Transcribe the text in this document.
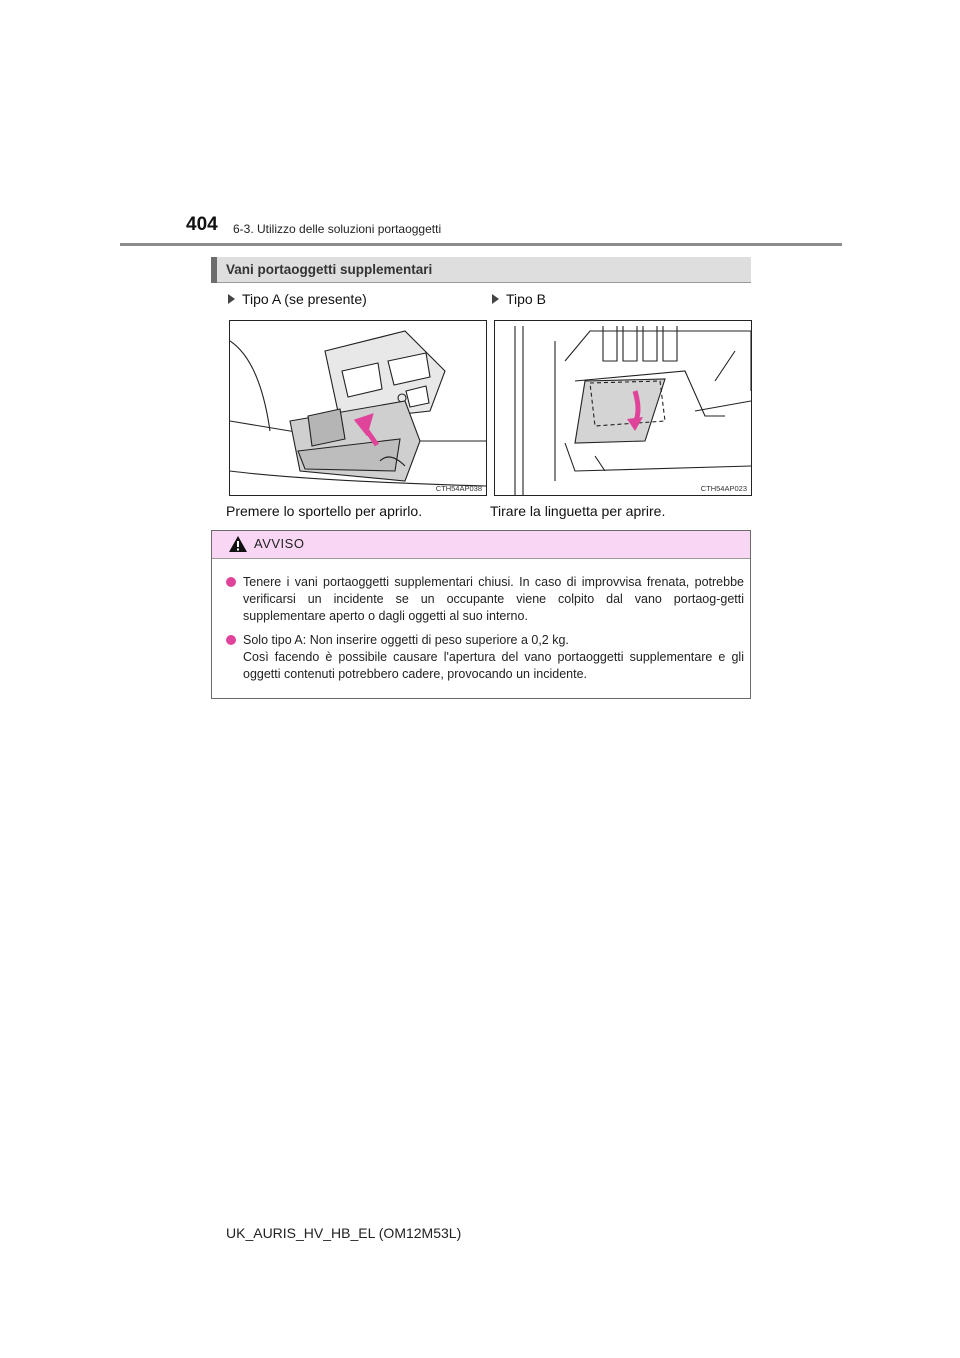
404 6-3. Utilizzo delle soluzioni portaoggetti
Vani portaoggetti supplementari
Tipo A (se presente)	Tipo B
CTH54AP038	CTH54AP023
Premere lo sportello per aprirlo.	Tirare la linguetta per aprire.
AVVISO
Tenere i vani portaoggetti supplementari chiusi. In caso di improvvisa frenata, potrebbe verificarsi un incidente se un occupante viene colpito dal vano portaog-getti supplementare aperto o dagli oggetti al suo interno.
Solo tipo A: Non inserire oggetti di peso superiore a 0,2 kg.
Così facendo è possibile causare l'apertura del vano portaoggetti supplementare e gli oggetti contenuti potrebbero cadere, provocando un incidente.
UK_AURIS_HV_HB_EL (OM12M53L)
